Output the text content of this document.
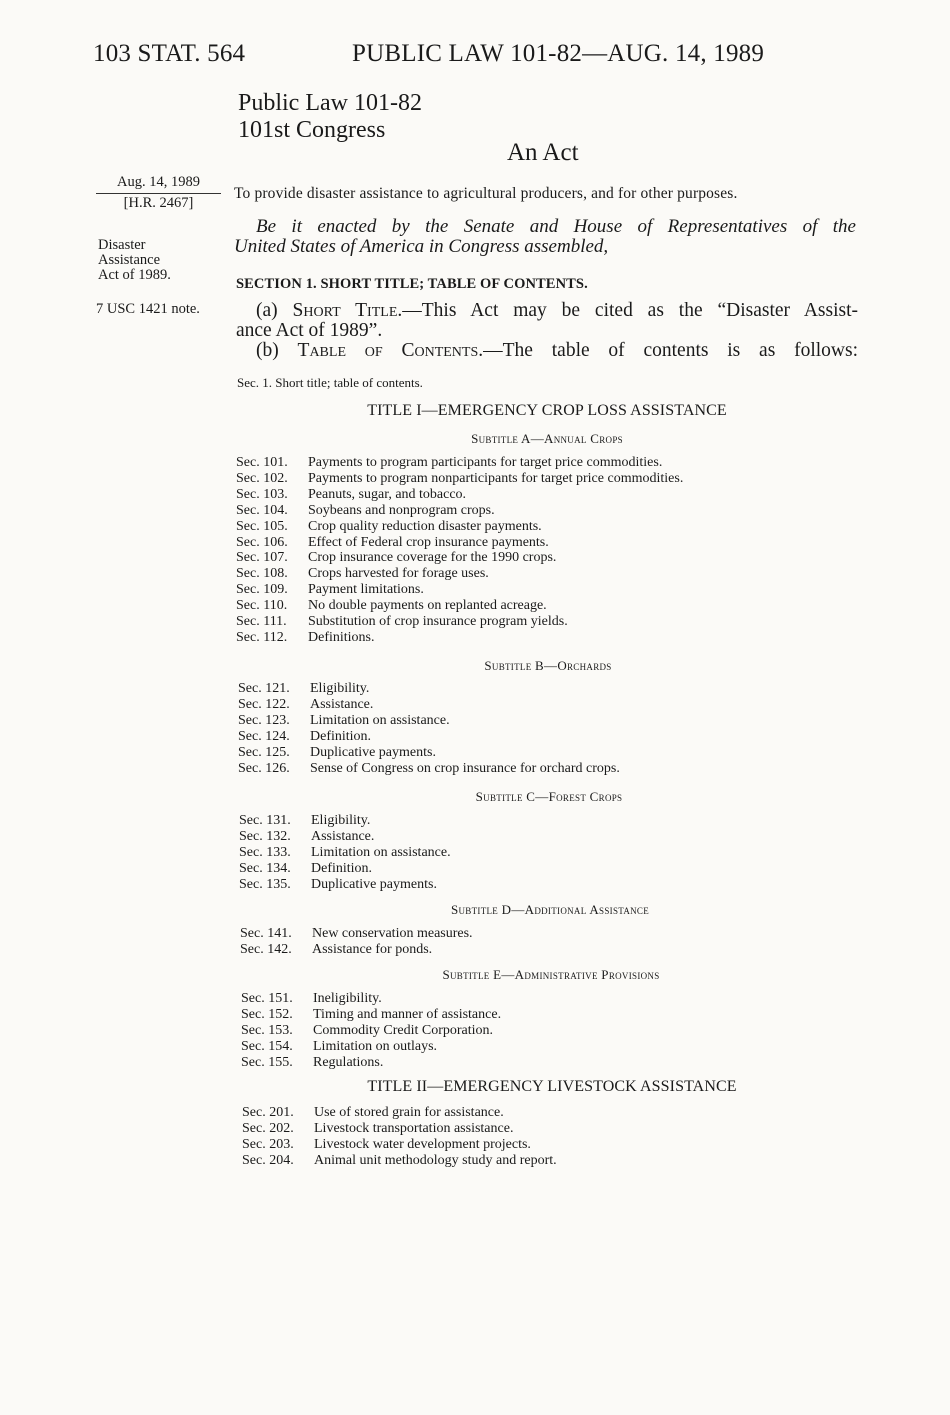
103 STAT. 564	PUBLIC LAW 101-82—AUG. 14, 1989
Public Law 101-82
101st Congress
An Act
Aug. 14, 1989
[H.R. 2467]
Disaster
Assistance
Act of 1989.
7 USC 1421 note.
To provide disaster assistance to agricultural producers, and for other purposes.
Be it enacted by the Senate and House of Representatives of the
United States of America in Congress assembled,
SECTION 1. SHORT TITLE; TABLE OF CONTENTS.
(a) Short Title.—This Act may be cited as the “Disaster Assist-
ance Act of 1989”.
(b) Table of Contents.—The table of contents is as follows:
Sec. 1. Short title; table of contents.
TITLE I—EMERGENCY CROP LOSS ASSISTANCE
Subtitle A—Annual Crops
Sec. 101. Payments to program participants for target price commodities.
Sec. 102. Payments to program nonparticipants for target price commodities.
Sec. 103. Peanuts, sugar, and tobacco.
Sec. 104. Soybeans and nonprogram crops.
Sec. 105. Crop quality reduction disaster payments.
Sec. 106. Effect of Federal crop insurance payments.
Sec. 107. Crop insurance coverage for the 1990 crops.
Sec. 108. Crops harvested for forage uses.
Sec. 109. Payment limitations.
Sec. 110. No double payments on replanted acreage.
Sec. 111. Substitution of crop insurance program yields.
Sec. 112. Definitions.
Subtitle B—Orchards
Sec. 121. Eligibility.
Sec. 122. Assistance.
Sec. 123. Limitation on assistance.
Sec. 124. Definition.
Sec. 125. Duplicative payments.
Sec. 126. Sense of Congress on crop insurance for orchard crops.
Subtitle C—Forest Crops
Sec. 131. Eligibility.
Sec. 132. Assistance.
Sec. 133. Limitation on assistance.
Sec. 134. Definition.
Sec. 135. Duplicative payments.
Subtitle D—Additional Assistance
Sec. 141. New conservation measures.
Sec. 142. Assistance for ponds.
Subtitle E—Administrative Provisions
Sec. 151. Ineligibility.
Sec. 152. Timing and manner of assistance.
Sec. 153. Commodity Credit Corporation.
Sec. 154. Limitation on outlays.
Sec. 155. Regulations.
TITLE II—EMERGENCY LIVESTOCK ASSISTANCE
Sec. 201. Use of stored grain for assistance.
Sec. 202. Livestock transportation assistance.
Sec. 203. Livestock water development projects.
Sec. 204. Animal unit methodology study and report.
